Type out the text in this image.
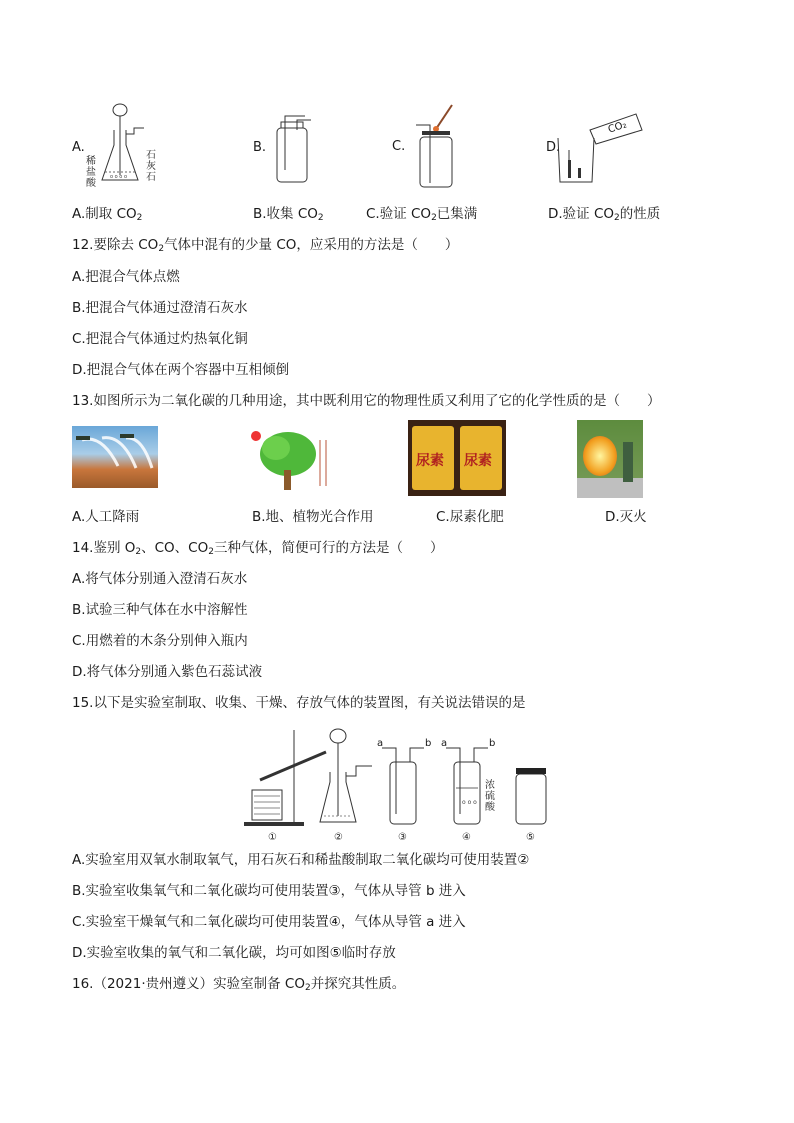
A.
o o o o
稀盐酸
石灰石
B.	C.	D.
CO₂
A.制取 $CO_2$	B.收集 $CO_2$	C.验证 $CO_2$已集满	D.验证 $CO_2$的性质
12.要除去 $CO_2$气体中混有的少量 CO，应采用的方法是（　　）
A.把混合气体点燃
B.把混合气体通过澄清石灰水
C.把混合气体通过灼热氧化铜
D.把混合气体在两个容器中互相倾倒
13.如图所示为二氧化碳的几种用途，其中既利用它的物理性质又利用了它的化学性质的是（　　）
尿素 尿素
A.人工降雨	B.地、植物光合作用	C.尿素化肥	D.灭火
14.鉴别 $O_2$、CO、$CO_2$三种气体，简便可行的方法是（　　）
A.将气体分别通入澄清石灰水
B.试验三种气体在水中溶解性
C.用燃着的木条分别伸入瓶内
D.将气体分别通入紫色石蕊试液
15.以下是实验室制取、收集、干燥、存放气体的装置图，有关说法错误的是
o o o
a	b a	b
浓硫酸
①	②	③	④	⑤
A.实验室用双氧水制取氧气，用石灰石和稀盐酸制取二氧化碳均可使用装置②
B.实验室收集氧气和二氧化碳均可使用装置③，气体从导管 b 进入
C.实验室干燥氧气和二氧化碳均可使用装置④，气体从导管 a 进入
D.实验室收集的氧气和二氧化碳，均可如图⑤临时存放
16.（2021·贵州遵义）实验室制备 $CO_2$并探究其性质。
